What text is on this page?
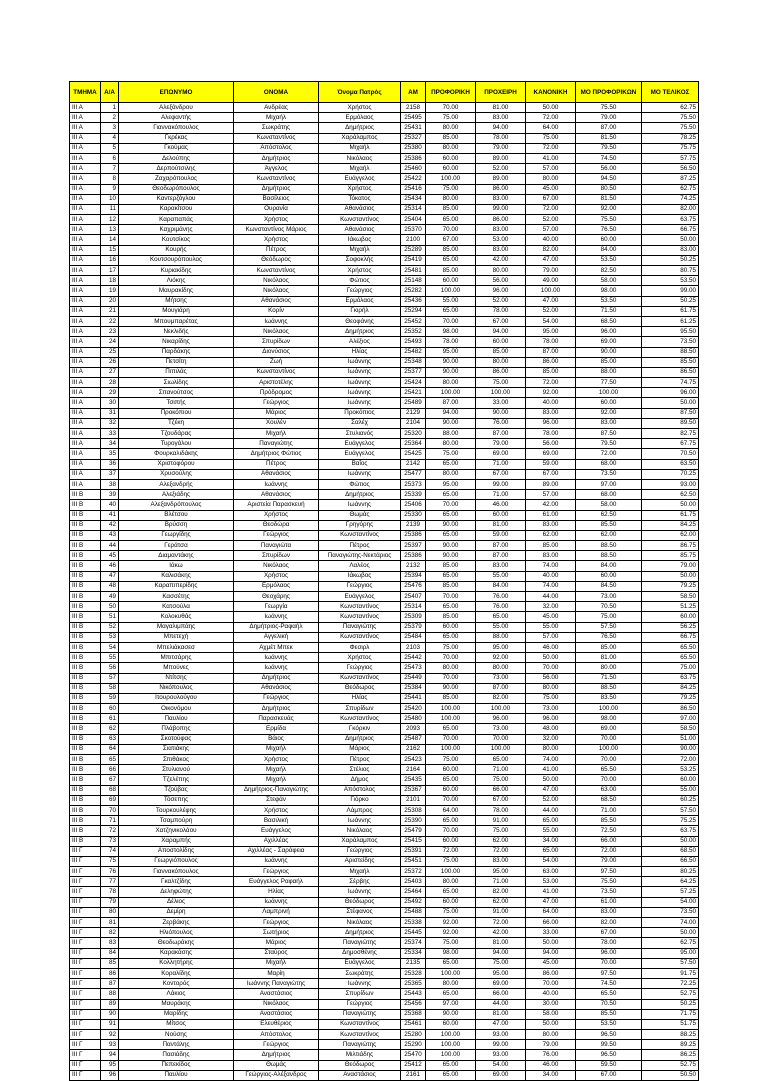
ΤΜΗΜΑ	Α/Α	ΕΠΩΝΥΜΟ	ΟΝΟΜΑ	Όνομα Πατρός	ΑΜ	ΠΡΟΦΟΡΙΚΗ	ΠΡΟΧΕΙΡΗ	ΚΑΝΟΝΙΚΗ	ΜΟ ΠΡΟΦΟΡΙΚΩΝ	ΜΟ ΤΕΛΙΚΟΣ
ΙΙΙ Α	1	Αλεξάνδρου	Ανδρέας	Χρήστος	2158	70.00	81.00	50.00	75.50	62.75
ΙΙΙ Α	2	Αλεφαντής	Μιχαήλ	Ερμόλαος	25495	75.00	83.00	72.00	79.00	75.50
ΙΙΙ Α	3	Γιαννακόπουλος	Σωκράτης	Δημήτριος	25431	80.00	94.00	64.00	87.00	75.50
ΙΙΙ Α	4	Γκρέκας	Κωνσταντίνος	Χαράλαμπος	25327	85.00	78.00	75.00	81.50	78.25
ΙΙΙ Α	5	Γκούμας	Απόστολος	Μιχαήλ	25380	80.00	79.00	72.00	79.50	75.75
ΙΙΙ Α	6	Δελούπης	Δημήτριος	Νικόλαος	25386	60.00	89.00	41.00	74.50	57.75
ΙΙΙ Α	7	Δερπούτσιλης	Άγγελος	Μιχαήλ	25460	60.00	52.00	57.00	56.00	56.50
ΙΙΙ Α	8	Ζαχαρόπουλος	Κωνσταντίνος	Ευάγγελος	25422	100.00	89.00	80.00	94.50	87.25
ΙΙΙ Α	9	Θεοδωρόπουλος	Δημήτριος	Χρήστος	25416	75.00	86.00	45.00	80.50	62.75
ΙΙΙ Α	10	Καντερζόγλου	Βασίλειος	Τόκατος	25434	80.00	83.00	67.00	81.50	74.25
ΙΙΙ Α	11	Καρακίτσου	Ουρανία	Αθανάσιος	25314	85.00	99.00	72.00	92.00	82.00
ΙΙΙ Α	12	Καραπαπάς	Χρήστος	Κωνσταντίνος	25404	65.00	86.00	52.00	75.50	63.75
ΙΙΙ Α	13	Καχριμάνης	Κωνσταντίνος Μάριος	Αθανάσιος	25370	70.00	83.00	57.00	76.50	66.75
ΙΙΙ Α	14	Κουτσίκος	Χρήστος	Ιάκωβος	2100	67.00	53.00	40.00	60.00	50.00
ΙΙΙ Α	15	Κουρής	Πέτρος	Μιχαήλ	25289	85.00	83.00	82.00	84.00	83.00
ΙΙΙ Α	16	Κουτσουρόπουλος	Θεόδωρος	Σοφοκλής	25419	65.00	42.00	47.00	53.50	50.25
ΙΙΙ Α	17	Κυριακίδης	Κωνσταντίνος	Χρήστος	25481	85.00	80.00	79.00	82.50	80.75
ΙΙΙ Α	18	Λιόκης	Νικόλαος	Φώτιος	25148	60.00	56.00	49.00	58.00	53.50
ΙΙΙ Α	19	Μαυρακίδης	Νικόλαος	Γεώργιος	25282	100.00	96.00	100.00	98.00	99.00
ΙΙΙ Α	20	Μήτσης	Αθανάσιος	Ερμόλαος	25436	55.00	52.00	47.00	53.50	50.25
ΙΙΙ Α	21	Μουγιάρη	Κορίν	Γκιρήλ	25294	65.00	78.00	52.00	71.50	61.75
ΙΙΙ Α	22	Μπουμπαρέτας	Ιωάννης	Θεοφάνης	25452	70.00	67.00	54.00	68.50	61.25
ΙΙΙ Α	23	Νεκλιδής	Νικόλαος	Δημήτριος	25352	98.00	94.00	95.00	96.00	95.50
ΙΙΙ Α	24	Νικαρίδης	Σπυρίδων	Αλέξιος	25493	78.00	60.00	78.00	69.00	73.50
ΙΙΙ Α	25	Παρδάκης	Διονύσιος	Ηλίας	25482	95.00	85.00	87.00	90.00	88.50
ΙΙΙ Α	26	Πετσίτη	Ζωή	Ιωάννης	25348	90.00	80.00	86.00	85.00	85.50
ΙΙΙ Α	27	Πιπιλάς	Κωνσταντίνος	Ιωάννης	25377	90.00	86.00	85.00	88.00	86.50
ΙΙΙ Α	28	Σιωλίδης	Αριστοτέλης	Ιωάννης	25424	80.00	75.00	72.00	77.50	74.75
ΙΙΙ Α	29	Σπανούτσος	Πρόδρομος	Ιωάννης	25421	100.00	100.00	92.00	100.00	96.00
ΙΙΙ Α	30	Τσιπής	Γεώργιος	Ιωάννης	25489	87.00	33.00	40.00	60.00	50.00
ΙΙΙ Α	31	Προκόπιου	Μάριος	Προκόπιος	2129	94.00	90.00	83.00	92.00	87.50
ΙΙΙ Α	32	Τζέκη	Χουλέν	Σαλέχ	2104	90.00	76.00	96.00	83.00	89.50
ΙΙΙ Α	33	Τζουδάρας	Μιχαήλ	Στυλιανός	25320	88.00	87.00	78.00	87.50	82.75
ΙΙΙ Α	34	Τυρογάλου	Παναγιώτης	Ευάγγελος	25364	80.00	79.00	56.00	79.50	67.75
ΙΙΙ Α	35	Φουρκαλιδάκης	Δημήτριος Φώτιος	Ευάγγελος	25425	75.00	69.00	69.00	72.00	70.50
ΙΙΙ Α	36	Χριστοφόρου	Πέτρος	Βαΐος	2142	65.00	71.00	59.00	68.00	63.50
ΙΙΙ Α	37	Χρυσούλης	Αθανάσιος	Ιωάννης	25477	80.00	67.00	67.00	73.50	70.25
ΙΙΙ Α	38	Αλεξανδρής	Ιωάννης	Φώτιος	25373	95.00	99.00	89.00	97.00	93.00
ΙΙΙ Β	39	Αλεξιάδης	Αθανάσιος	Δημήτριος	25339	65.00	71.00	57.00	68.00	62.50
ΙΙΙ Β	40	Αλεξανδρόπουλος	Αριστεία Παρασκευή	Ιωάννης	25406	70.00	46.00	42.00	58.00	50.00
ΙΙΙ Β	41	Βλέτσου	Χρήστος	Θωμάς	25330	65.00	60.00	61.00	62.50	61.75
ΙΙΙ Β	42	Βρύσση	Θεοδώρα	Γρηγόρης	2139	90.00	81.00	83.00	85.50	84.25
ΙΙΙ Β	43	Γεωργίδης	Γεώργιος	Κωνσταντίνος	25386	65.00	59.00	62.00	62.00	62.00
ΙΙΙ Β	44	Γεράτσα	Παναγιώτα	Πέτρος	25397	90.00	87.00	85.00	88.50	86.75
ΙΙΙ Β	45	Διαμαντάκης	Σπυρίδων	Παναγιώτης-Νεκτάριος	25386	90.00	87.00	83.00	88.50	85.75
ΙΙΙ Β	46	Ιάκω	Νικόλαος	Λαλέος	2132	85.00	83.00	74.00	84.00	79.00
ΙΙΙ Β	47	Καλισάκης	Χρήστος	Ιάκωβος	25394	65.00	55.00	40.00	60.00	50.00
ΙΙΙ Β	48	Καραπιπερίδης	Ερμόλαος	Γεώργιος	25476	85.00	84.00	74.00	84.50	79.25
ΙΙΙ Β	49	Κασσέτης	Θεοχάρης	Ευάγγελος	25407	70.00	76.00	44.00	73.00	58.50
ΙΙΙ Β	50	Κατσούλα	Γεωργία	Κωνσταντίνος	25314	65.00	76.00	32.00	70.50	51.25
ΙΙΙ Β	51	Κολοκυθάς	Ιωάννης	Κωνσταντίνος	25309	85.00	65.00	45.00	75.00	60.00
ΙΙΙ Β	52	Μαγαλιμπάης	Δημήτριος-Ραφαήλ	Παναγιώτης	25379	60.00	55.00	55.00	57.50	56.25
ΙΙΙ Β	53	Μπετεχή	Αγγελική	Κωνσταντίνος	25484	65.00	88.00	57.00	76.50	66.75
ΙΙΙ Β	54	Μπελιάκασεσ	Αχμέτ Μπεκ	Φεσιρλ	2103	75.00	95.00	46.00	85.00	65.50
ΙΙΙ Β	55	Μπιτσάρης	Ιωάννης	Χρήστος	25442	70.00	92.00	50.00	81.00	65.50
ΙΙΙ Β	56	Μπούνες	Ιωάννης	Γεώργιος	25473	80.00	80.00	70.00	80.00	75.00
ΙΙΙ Β	57	Ντίτσης	Δημήτριος	Κωνσταντίνος	25449	70.00	73.00	56.00	71.50	63.75
ΙΙΙ Β	58	Νικόπουλος	Αθανάσιος	Θεόδωρος	25384	90.00	87.00	80.00	88.50	84.25
ΙΙΙ Β	59	Ιτουρουλούγου	Γεώργιος	Ηλίας	25441	85.00	82.00	75.00	83.50	79.25
ΙΙΙ Β	60	Οικονόμου	Δημήτριος	Σπυρίδων	25420	100.00	100.00	73.00	100.00	86.50
ΙΙΙ Β	61	Παυλίου	Παρασκευάς	Κωνσταντίνος	25480	100.00	96.00	96.00	98.00	97.00
ΙΙΙ Β	62	Πλάβοπης	Ερμίδα	Γκόρκιν	2093	65.00	73.00	48.00	69.00	58.50
ΙΙΙ Β	63	Σκοτούφας	Βάιος	Δημήτριος	25487	70.00	70.00	32.00	70.00	51.00
ΙΙΙ Β	64	Σιατιάκης	Μιχαήλ	Μάριος	2162	100.00	100.00	80.00	100.00	90.00
ΙΙΙ Β	65	Σπιθάκος	Χρήστος	Πέτρος	25423	75.00	65.00	74.00	70.00	72.00
ΙΙΙ Β	66	Στυλιανού	Μιχαήλ	Στέλιος	2164	60.00	71.00	41.00	65.50	53.25
ΙΙΙ Β	67	Τζελέπης	Μιχαήλ	Δήμος	25435	65.00	75.00	50.00	70.00	60.00
ΙΙΙ Β	68	Τζούβας	Δημήτριος-Παναγιώτης	Απόστολος	25367	60.00	66.00	47.00	63.00	55.00
ΙΙΙ Β	69	Τόσεπης	Στεφάν	Γιόρκο	2101	70.00	67.00	52.00	68.50	60.25
ΙΙΙ Β	70	Τουρκουλέφης	Χρήστος	Λάμπρος	25308	64.00	78.00	44.00	71.00	57.50
ΙΙΙ Β	71	Τσαμπούρη	Βασιλική	Ιωάννης	25390	65.00	91.00	65.00	85.50	75.25
ΙΙΙ Β	72	Χατζηνικολάου	Ευάγγελος	Νικόλαος	25479	70.00	75.00	55.00	72.50	63.75
ΙΙΙ Β	73	Χαραμπής	Αχιλλέας	Χαράλαμπος	25415	60.00	62.00	34.00	66.00	50.00
ΙΙΙ Γ	74	Αποστολίδης	Αχιλλέας - Σαράφεια	Γεώργιος	25391	72.00	72.00	65.00	72.00	68.50
ΙΙΙ Γ	75	Γεωργιόπουλος	Ιωάννης	Αριστείδης	25451	75.00	83.00	54.00	79.00	66.50
ΙΙΙ Γ	76	Γιαννακόπουλος	Γεώργιος	Μιχαήλ	25372	100.00	95.00	63.00	97.50	80.25
ΙΙΙ Γ	77	Γκαλτζίδης	Ευάγγελος Ραφαήλ	Σέρβης	25403	80.00	71.00	53.00	75.50	64.25
ΙΙΙ Γ	78	Δεληφώτης	Ηλίας	Ιωάννης	25464	65.00	82.00	41.00	73.50	57.25
ΙΙΙ Γ	79	Δέλιος	Ιωάννης	Θεόδωρος	25492	60.00	62.00	47.00	61.00	54.00
ΙΙΙ Γ	80	Δεμίρη	Λαμπρινή	Στέφανος	25488	75.00	91.00	64.00	83.00	73.50
ΙΙΙ Γ	81	Ζερβάκης	Γεώργιος	Νικόλαος	25338	92.00	72.00	66.00	82.00	74.00
ΙΙΙ Γ	82	Ηλιόπουλος	Σωτήριος	Δημήτριος	25445	92.00	42.00	33.00	67.00	50.00
ΙΙΙ Γ	83	Θεοδωράκης	Μάριος	Παναγιώτης	25374	75.00	81.00	50.00	78.00	62.75
ΙΙΙ Γ	84	Καρακάσης	Σταύρος	Δημοσθένης	25334	98.00	94.00	94.00	96.00	95.00
ΙΙΙ Γ	85	Κολλητήρης	Μιχαήλ	Ευάγγελος	2135	65.00	75.00	45.00	70.00	57.50
ΙΙΙ Γ	86	Κοραλίδης	Μαρίη	Σωκράτης	25328	100.00	95.00	86.00	97.50	91.75
ΙΙΙ Γ	87	Κοντορός	Ιωάννης Παναγιώτης	Ιωάννης	25365	80.00	69.00	70.00	74.50	72.25
ΙΙΙ Γ	88	Λάκιος	Αναστάσιος	Σπυρίδων	25443	65.00	66.00	40.00	65.50	52.75
ΙΙΙ Γ	89	Μαυράκης	Νικόλαος	Γεώργιος	25456	97.00	44.00	30.00	70.50	50.25
ΙΙΙ Γ	90	Μαρίδης	Αναστάσιος	Παναγιώτης	25368	90.00	81.00	58.00	85.50	71.75
ΙΙΙ Γ	91	Μίτσος	Ελευθέριος	Κωνσταντίνος	25461	60.00	47.00	50.00	53.50	51.75
ΙΙΙ Γ	92	Νούσης	Απόστολος	Κωνσταντίνος	25280	100.00	93.00	80.00	96.50	88.25
ΙΙΙ Γ	93	Παντάλης	Γεώργιος	Παναγιώτης	25290	100.00	99.00	79.00	99.50	89.25
ΙΙΙ Γ	94	Πασιάδης	Δημήτριος	Μιλτιάδης	25470	100.00	93.00	76.00	96.50	86.25
ΙΙΙ Γ	95	Πεπεκίδος	Θωμάς	Θεόδωρος	25412	65.00	54.00	46.00	59.50	52.75
ΙΙΙ Γ	96	Παυλίου	Γεώργιος-Αλέξανδρος	Αναστάσιος	2161	65.00	69.00	34.00	67.00	50.50
